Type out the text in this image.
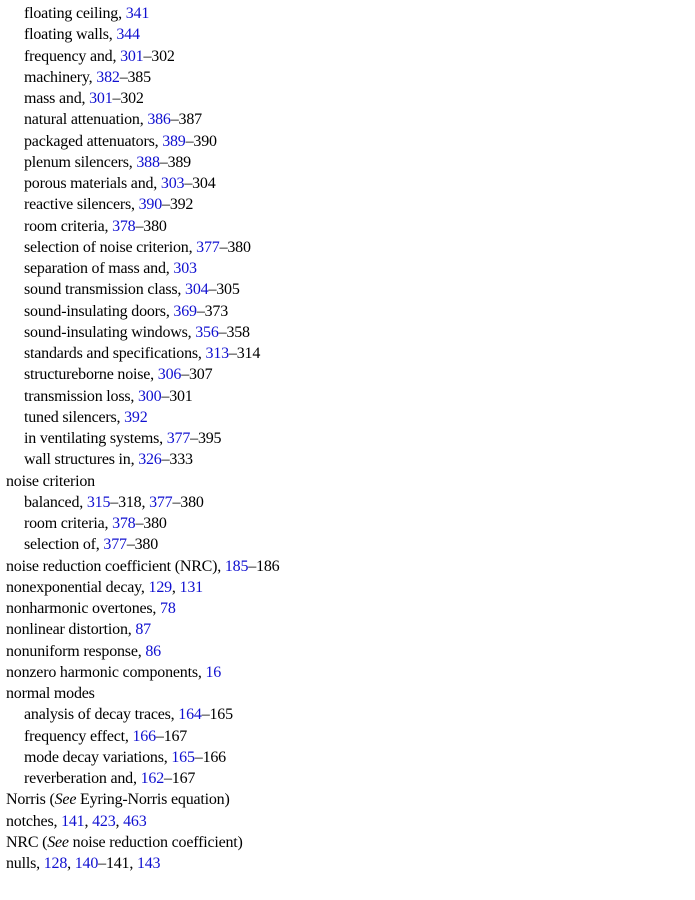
floating ceiling, 341
floating walls, 344
frequency and, 301–302
machinery, 382–385
mass and, 301–302
natural attenuation, 386–387
packaged attenuators, 389–390
plenum silencers, 388–389
porous materials and, 303–304
reactive silencers, 390–392
room criteria, 378–380
selection of noise criterion, 377–380
separation of mass and, 303
sound transmission class, 304–305
sound-insulating doors, 369–373
sound-insulating windows, 356–358
standards and specifications, 313–314
structureborne noise, 306–307
transmission loss, 300–301
tuned silencers, 392
in ventilating systems, 377–395
wall structures in, 326–333
noise criterion
balanced, 315–318, 377–380
room criteria, 378–380
selection of, 377–380
noise reduction coefficient (NRC), 185–186
nonexponential decay, 129, 131
nonharmonic overtones, 78
nonlinear distortion, 87
nonuniform response, 86
nonzero harmonic components, 16
normal modes
analysis of decay traces, 164–165
frequency effect, 166–167
mode decay variations, 165–166
reverberation and, 162–167
Norris (See Eyring-Norris equation)
notches, 141, 423, 463
NRC (See noise reduction coefficient)
nulls, 128, 140–141, 143
